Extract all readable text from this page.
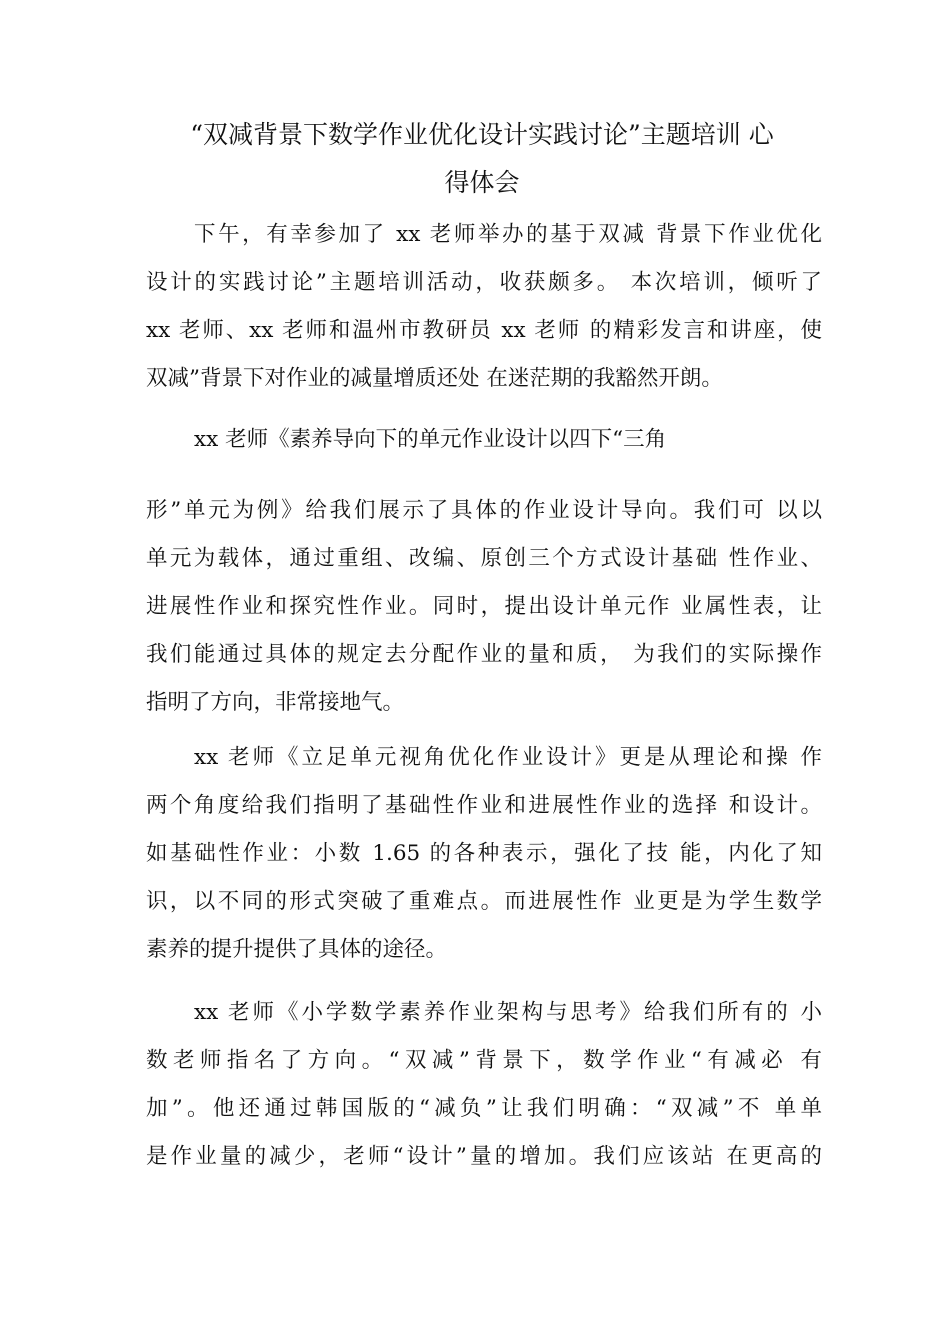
“双减背景下数学作业优化设计实践讨论”主题培训 心
得体会

下午，有幸参加了 xx 老师举办的基于双减 背景下作业优化
设计的实践讨论”主题培训活动，收获颇多。 本次培训，倾听了
xx 老师、xx 老师和温州市教研员 xx 老师 的精彩发言和讲座，使
双减”背景下对作业的减量增质还处 在迷茫期的我豁然开朗。

xx 老师《素养导向下的单元作业设计以四下“三角

形”单元为例》给我们展示了具体的作业设计导向。我们可 以以
单元为载体，通过重组、改编、原创三个方式设计基础 性作业、
进展性作业和探究性作业。同时，提出设计单元作 业属性表，让
我们能通过具体的规定去分配作业的量和质， 为我们的实际操作
指明了方向，非常接地气。

xx 老师《立足单元视角优化作业设计》更是从理论和操 作
两个角度给我们指明了基础性作业和进展性作业的选择 和设计。
如基础性作业：小数 1.65 的各种表示，强化了技 能，内化了知
识，以不同的形式突破了重难点。而进展性作 业更是为学生数学
素养的提升提供了具体的途径。

xx 老师《小学数学素养作业架构与思考》给我们所有的 小
数老师指名了方向。“双减”背景下，数学作业“有减必 有
加”。他还通过韩国版的“减负”让我们明确：“双减”不 单单
是作业量的减少，老师“设计”量的增加。我们应该站 在更高的
